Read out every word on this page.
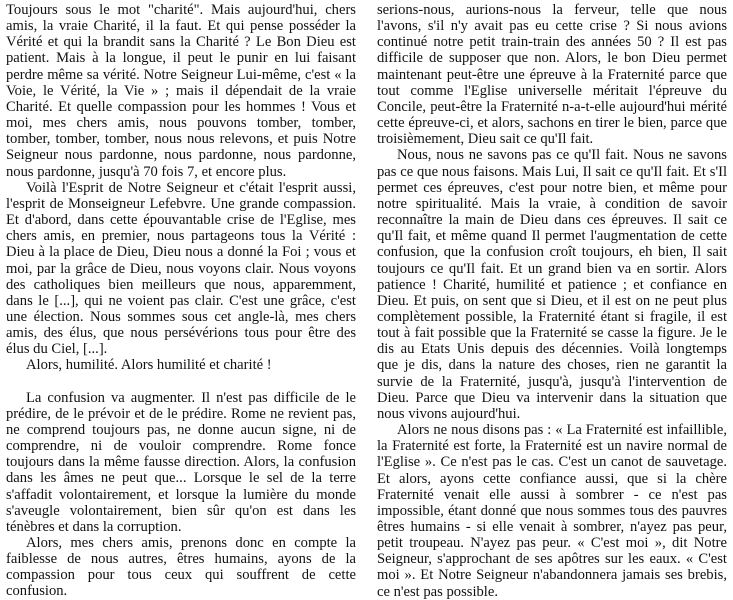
Toujours sous le mot "charité". Mais aujourd'hui, chers amis, la vraie Charité, il la faut. Et qui pense posséder la Vérité et qui la brandit sans la Charité ? Le Bon Dieu est patient. Mais à la longue, il peut le punir en lui faisant perdre même sa vérité. Notre Seigneur Lui-même, c'est « la Voie, le Vérité, la Vie » ; mais il dépendait de la vraie Charité. Et quelle compassion pour les hommes ! Vous et moi, mes chers amis, nous pouvons tomber, tomber, tomber, tomber, tomber, nous nous relevons, et puis Notre Seigneur nous pardonne, nous pardonne, nous pardonne, nous pardonne, jusqu'à 70 fois 7, et encore plus.

Voilà l'Esprit de Notre Seigneur et c'était l'esprit aussi, l'esprit de Monseigneur Lefebvre. Une grande compassion. Et d'abord, dans cette épouvantable crise de l'Eglise, mes chers amis, en premier, nous partageons tous la Vérité : Dieu à la place de Dieu, Dieu nous a donné la Foi ; vous et moi, par la grâce de Dieu, nous voyons clair. Nous voyons des catholiques bien meilleurs que nous, apparemment, dans le [...], qui ne voient pas clair. C'est une grâce, c'est une élection. Nous sommes sous cet angle-là, mes chers amis, des élus, que nous persévérions tous pour être des élus du Ciel, [...].

Alors, humilité. Alors humilité et charité !

La confusion va augmenter. Il n'est pas difficile de le prédire, de le prévoir et de le prédire. Rome ne revient pas, ne comprend toujours pas, ne donne aucun signe, ni de comprendre, ni de vouloir comprendre. Rome fonce toujours dans la même fausse direction. Alors, la confusion dans les âmes ne peut que... Lorsque le sel de la terre s'affadit volontairement, et lorsque la lumière du monde s'aveugle volontairement, bien sûr qu'on est dans les ténèbres et dans la corruption.

Alors, mes chers amis, prenons donc en compte la faiblesse de nous autres, êtres humains, ayons de la compassion pour tous ceux qui souffrent de cette confusion.

serions-nous, aurions-nous la ferveur, telle que nous l'avons, s'il n'y avait pas eu cette crise ? Si nous avions continué notre petit train-train des années 50 ? Il est pas difficile de supposer que non. Alors, le bon Dieu permet maintenant peut-être une épreuve à la Fraternité parce que tout comme l'Eglise universelle méritait l'épreuve du Concile, peut-être la Fraternité n-a-t-elle aujourd'hui mérité cette épreuve-ci, et alors, sachons en tirer le bien, parce que troisièmement, Dieu sait ce qu'Il fait.

Nous, nous ne savons pas ce qu'Il fait. Nous ne savons pas ce que nous faisons. Mais Lui, Il sait ce qu'Il fait. Et s'Il permet ces épreuves, c'est pour notre bien, et même pour notre spiritualité. Mais la vraie, à condition de savoir reconnaître la main de Dieu dans ces épreuves. Il sait ce qu'Il fait, et même quand Il permet l'augmentation de cette confusion, que la confusion croît toujours, eh bien, Il sait toujours ce qu'Il fait. Et un grand bien va en sortir. Alors patience ! Charité, humilité et patience ; et confiance en Dieu. Et puis, on sent que si Dieu, et il est on ne peut plus complètement possible, la Fraternité étant si fragile, il est tout à fait possible que la Fraternité se casse la figure. Je le dis au Etats Unis depuis des décennies. Voilà longtemps que je dis, dans la nature des choses, rien ne garantit la survie de la Fraternité, jusqu'à, jusqu'à l'intervention de Dieu. Parce que Dieu va intervenir dans la situation que nous vivons aujourd'hui.

Alors ne nous disons pas : « La Fraternité est infaillible, la Fraternité est forte, la Fraternité est un navire normal de l'Eglise ». Ce n'est pas le cas. C'est un canot de sauvetage. Et alors, ayons cette confiance aussi, que si la chère Fraternité venait elle aussi à sombrer - ce n'est pas impossible, étant donné que nous sommes tous des pauvres êtres humains - si elle venait à sombrer, n'ayez pas peur, petit troupeau. N'ayez pas peur. « C'est moi », dit Notre Seigneur, s'approchant de ses apôtres sur les eaux. « C'est moi ». Et Notre Seigneur n'abandonnera jamais ses brebis, ce n'est pas possible.
